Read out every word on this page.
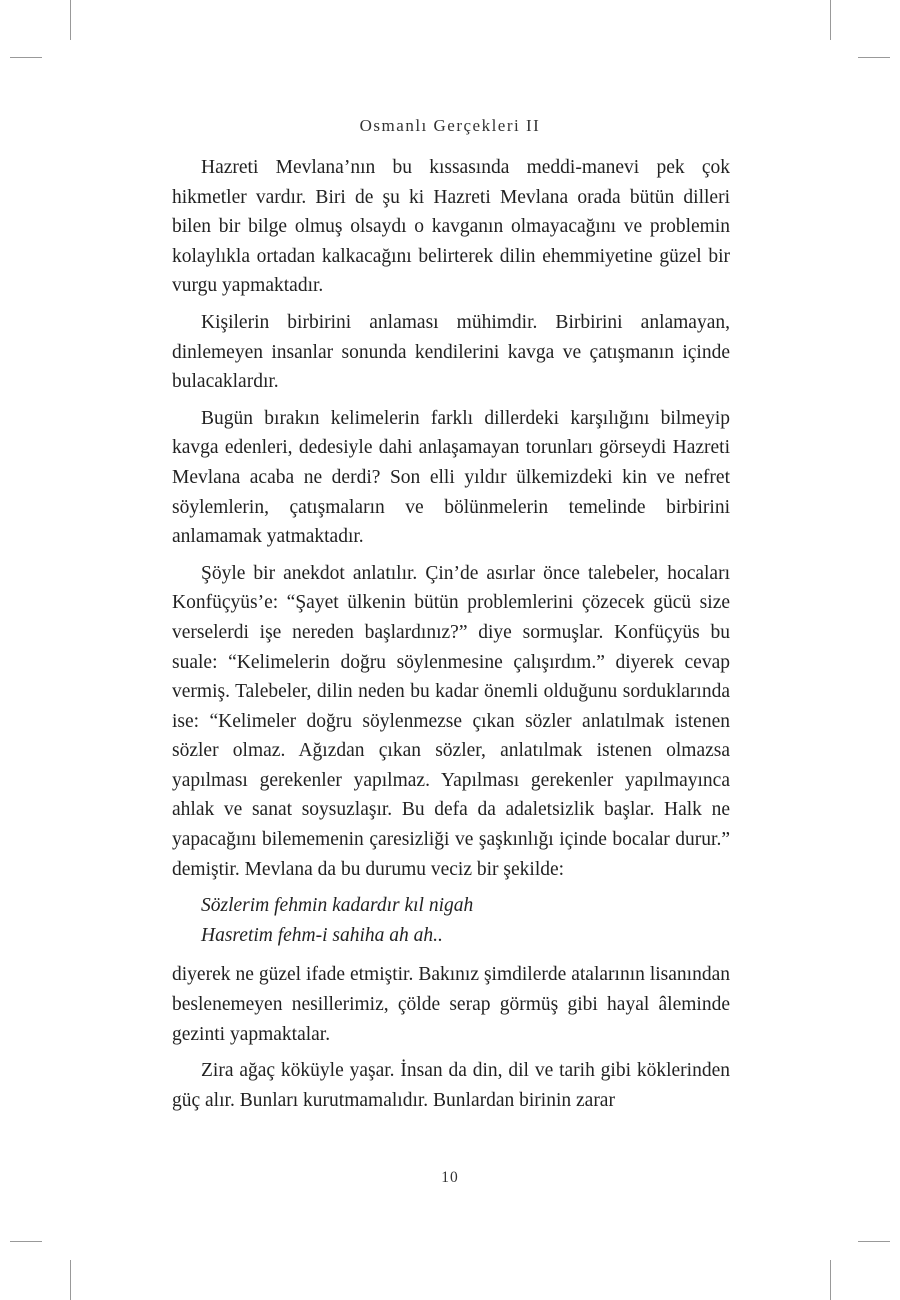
Osmanlı Gerçekleri II

Hazreti Mevlana’nın bu kıssasında meddi-manevi pek çok hikmetler vardır. Biri de şu ki Hazreti Mevlana orada bütün dilleri bilen bir bilge olmuş olsaydı o kavganın olmayacağını ve problemin kolaylıkla ortadan kalkacağını belirterek dilin ehemmiyetine güzel bir vurgu yapmaktadır.

Kişilerin birbirini anlaması mühimdir. Birbirini anlamayan, dinlemeyen insanlar sonunda kendilerini kavga ve çatışmanın içinde bulacaklardır.

Bugün bırakın kelimelerin farklı dillerdeki karşılığını bilmeyip kavga edenleri, dedesiyle dahi anlaşamayan torunları görseydi Hazreti Mevlana acaba ne derdi? Son elli yıldır ülkemizdeki kin ve nefret söylemlerin, çatışmaların ve bölünmelerin temelinde birbirini anlamamak yatmaktadır.

Şöyle bir anekdot anlatılır. Çin’de asırlar önce talebeler, hocaları Konfüçyüs’e: “Şayet ülkenin bütün problemlerini çözecek gücü size verselerdi işe nereden başlardınız?” diye sormuşlar. Konfüçyüs bu suale: “Kelimelerin doğru söylenmesine çalışırdım.” diyerek cevap vermiş. Talebeler, dilin neden bu kadar önemli olduğunu sorduklarında ise: “Kelimeler doğru söylenmezse çıkan sözler anlatılmak istenen sözler olmaz. Ağızdan çıkan sözler, anlatılmak istenen olmazsa yapılması gerekenler yapılmaz. Yapılması gerekenler yapılmayınca ahlak ve sanat soysuzlaşır. Bu defa da adaletsizlik başlar. Halk ne yapacağını bilememenin çaresizliği ve şaşkınlığı içinde bocalar durur.” demiştir. Mevlana da bu durumu veciz bir şekilde:

Sözlerim fehmin kadardır kıl nigah
Hasretim fehm-i sahiha ah ah..

diyerek ne güzel ifade etmiştir. Bakınız şimdilerde atalarının lisanından beslenemeyen nesillerimiz, çölde serap görmüş gibi hayal âleminde gezinti yapmaktalar.

Zira ağaç köküyle yaşar. İnsan da din, dil ve tarih gibi köklerinden güç alır. Bunları kurutmamalıdır. Bunlardan birinin zarar

10
